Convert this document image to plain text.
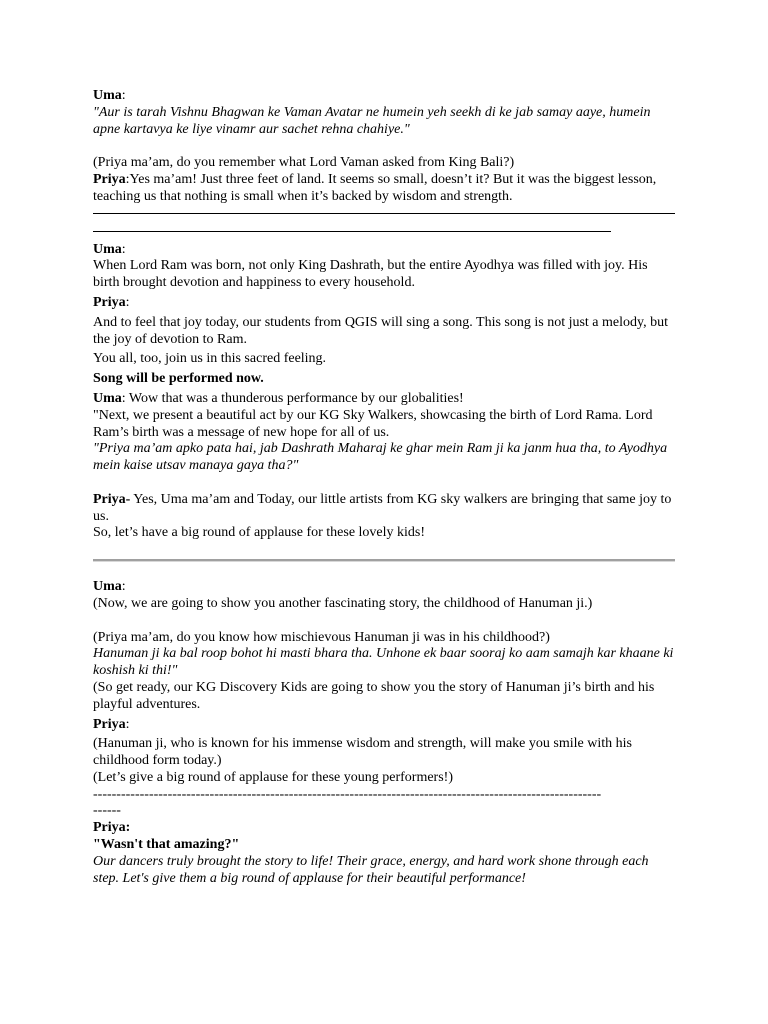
Uma:

"Aur is tarah Vishnu Bhagwan ke Vaman Avatar ne humein yeh seekh di ke jab samay aaye, humein apne kartavya ke liye vinamr aur sachet rehna chahiye."

(Priya ma’am, do you remember what Lord Vaman asked from King Bali?)

Priya:Yes ma’am! Just three feet of land. It seems so small, doesn’t it? But it was the biggest lesson, teaching us that nothing is small when it’s backed by wisdom and strength.

Uma:

When Lord Ram was born, not only King Dashrath, but the entire Ayodhya was filled with joy. His birth brought devotion and happiness to every household.

Priya:

And to feel that joy today, our students from QGIS will sing a song. This song is not just a melody, but the joy of devotion to Ram.

You all, too, join us in this sacred feeling.

Song will be performed now.

Uma: Wow that was a thunderous performance by our globalities!

"Next, we present a beautiful act by our KG Sky Walkers, showcasing the birth of Lord Rama. Lord Ram’s birth was a message of new hope for all of us.

"Priya ma’am apko pata hai, jab Dashrath Maharaj ke ghar mein Ram ji ka janm hua tha, to Ayodhya mein kaise utsav manaya gaya tha?"

Priya- Yes, Uma ma’am and Today, our little artists from KG sky walkers are bringing that same joy to us.

So, let’s have a big round of applause for these lovely kids!

Uma:

(Now, we are going to show you another fascinating story, the childhood of Hanuman ji.)

(Priya ma’am, do you know how mischievous Hanuman ji was in his childhood?)

Hanuman ji ka bal roop bohot hi masti bhara tha. Unhone ek baar sooraj ko aam samajh kar khaane ki koshish ki thi!"

(So get ready, our KG Discovery Kids are going to show you the story of Hanuman ji’s birth and his playful adventures.

Priya:

(Hanuman ji, who is known for his immense wisdom and strength, will make you smile with his childhood form today.)

(Let’s give a big round of applause for these young performers!)

-------------------------------------------------------------------------------------------------------------

------

Priya:

"Wasn't that amazing?"

Our dancers truly brought the story to life! Their grace, energy, and hard work shone through each step. Let's give them a big round of applause for their beautiful performance!
